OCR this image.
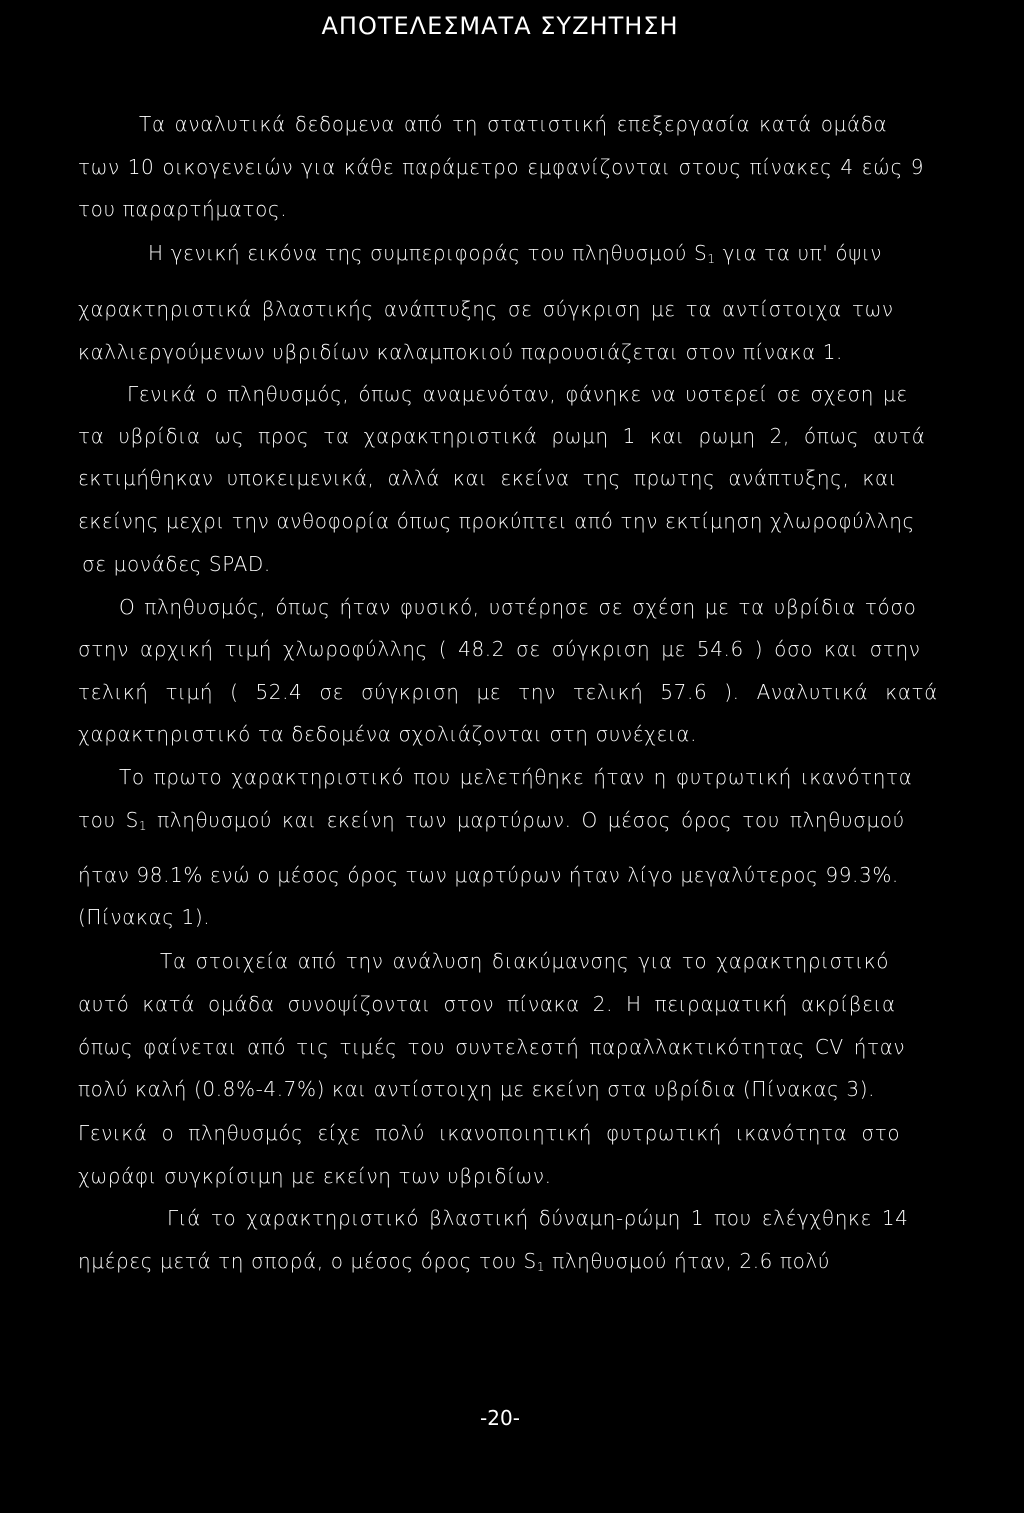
ΑΠΟΤΕΛΕΣΜΑΤΑ ΣΥΖΗΤΗΣΗ
Τα αναλυτικά δεδομενα από τη στατιστική επεξεργασία κατά ομάδα
των 10 οικογενειών για κάθε παράμετρο εμφανίζονται στους πίνακες 4 εώς 9
του παραρτήματος.
Η γενική εικόνα της συμπεριφοράς του πληθυσμού $S_1$ για τα υπ' όψιν
χαρακτηριστικά βλαστικής ανάπτυξης σε σύγκριση με τα αντίστοιχα των
καλλιεργούμενων υβριδίων καλαμποκιού παρουσιάζεται στον πίνακα 1.
Γενικά ο πληθυσμός, όπως αναμενόταν, φάνηκε να υστερεί σε σχεση με
τα υβρίδια ως προς τα χαρακτηριστικά ρωμη 1 και ρωμη 2, όπως αυτά
εκτιμήθηκαν υποκειμενικά, αλλά και εκείνα της πρωτης ανάπτυξης, και
εκείνης μεχρι την ανθοφορία όπως προκύπτει από την εκτίμηση χλωροφύλλης
σε μονάδες SPAD.
Ο πληθυσμός, όπως ήταν φυσικό, υστέρησε σε σχέση με τα υβρίδια τόσο
στην αρχική τιμή χλωροφύλλης ( 48.2 σε σύγκριση με 54.6 ) όσο και στην
τελική τιμή ( 52.4 σε σύγκριση με την τελική 57.6 ). Αναλυτικά κατά
χαρακτηριστικό τα δεδομένα σχολιάζονται στη συνέχεια.
Το πρωτο χαρακτηριστικό που μελετήθηκε ήταν η φυτρωτική ικανότητα
του $S_1$ πληθυσμού και εκείνη των μαρτύρων. Ο μέσος όρος του πληθυσμού
ήταν 98.1% ενώ ο μέσος όρος των μαρτύρων ήταν λίγο μεγαλύτερος 99.3%.
(Πίνακας 1).
Τα στοιχεία από την ανάλυση διακύμανσης για το χαρακτηριστικό
αυτό κατά ομάδα συνοψίζονται στον πίνακα 2. Η πειραματική ακρίβεια
όπως φαίνεται από τις τιμές του συντελεστή παραλλακτικότητας CV ήταν
πολύ καλή (0.8%-4.7%) και αντίστοιχη με εκείνη στα υβρίδια (Πίνακας 3).
Γενικά ο πληθυσμός είχε πολύ ικανοποιητική φυτρωτική ικανότητα στο
χωράφι συγκρίσιμη με εκείνη των υβριδίων.
Γιά το χαρακτηριστικό βλαστική δύναμη-ρώμη 1 που ελέγχθηκε 14
ημέρες μετά τη σπορά, ο μέσος όρος του $S_1$ πληθυσμού ήταν, 2.6 πολύ
-20-
